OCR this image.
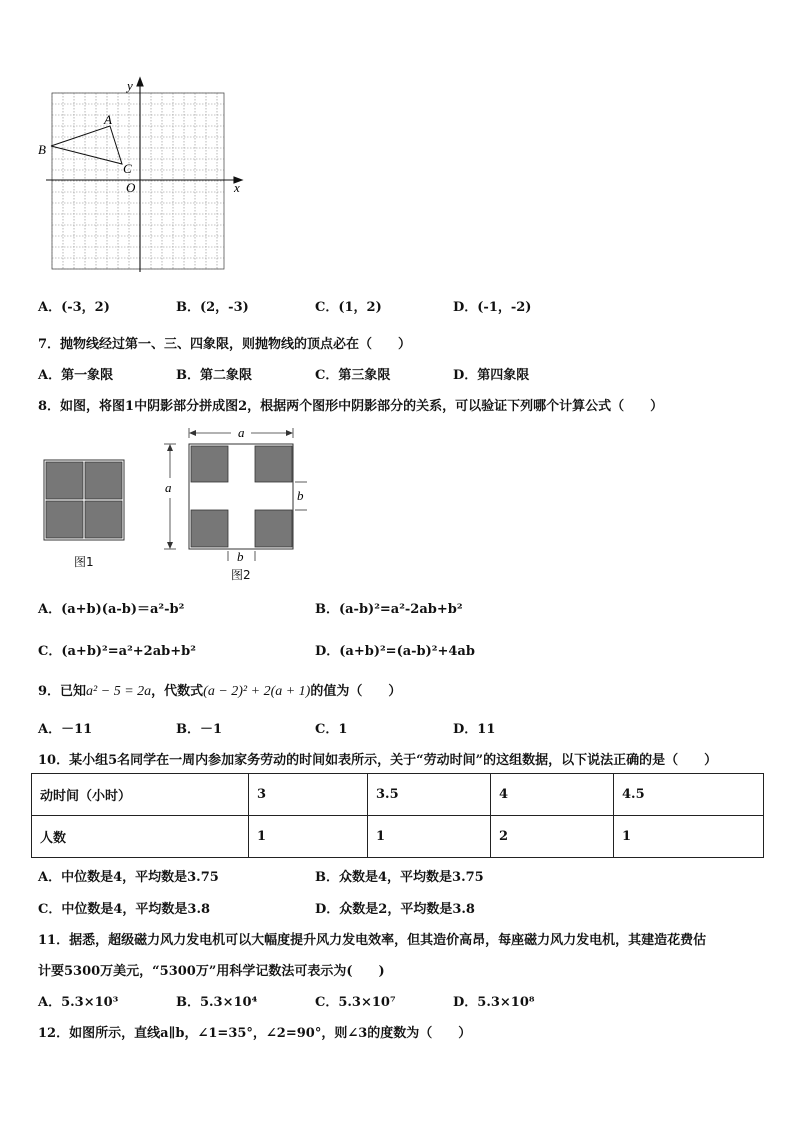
y
x
O
A
B
C
A．(-3，2)	B．(2，-3)	C．(1，2)	D．(-1，-2)
7．抛物线经过第一、三、四象限，则抛物线的顶点必在（　　）
A．第一象限	B．第二象限	C．第三象限	D．第四象限
8．如图，将图1中阴影部分拼成图2，根据两个图形中阴影部分的关系，可以验证下列哪个计算公式（　　）
图1
a
a
b
b
图2
A．(a+b)(a-b)＝a²-b²	B．(a-b)²=a²-2ab+b²
C．(a+b)²=a²+2ab+b²	D．(a+b)²=(a-b)²+4ab
9．已知a² − 5 = 2a，代数式(a − 2)² + 2(a + 1)的值为（　　）
A．－11	B．－1	C．1	D．11
10．某小组5名同学在一周内参加家务劳动的时间如表所示，关于“劳动时间”的这组数据，以下说法正确的是（　　）
动时间（小时）	3	3.5	4	4.5
人数	1	1	2	1
A．中位数是4，平均数是3.75	B．众数是4，平均数是3.75
C．中位数是4，平均数是3.8	D．众数是2，平均数是3.8
11．据悉，超级磁力风力发电机可以大幅度提升风力发电效率，但其造价高昂，每座磁力风力发电机，其建造花费估
计要5300万美元，“5300万”用科学记数法可表示为(　　)
A．5.3×10³	B．5.3×10⁴	C．5.3×10⁷	D．5.3×10⁸
12．如图所示，直线a∥b，∠1=35°，∠2=90°，则∠3的度数为（　　）
